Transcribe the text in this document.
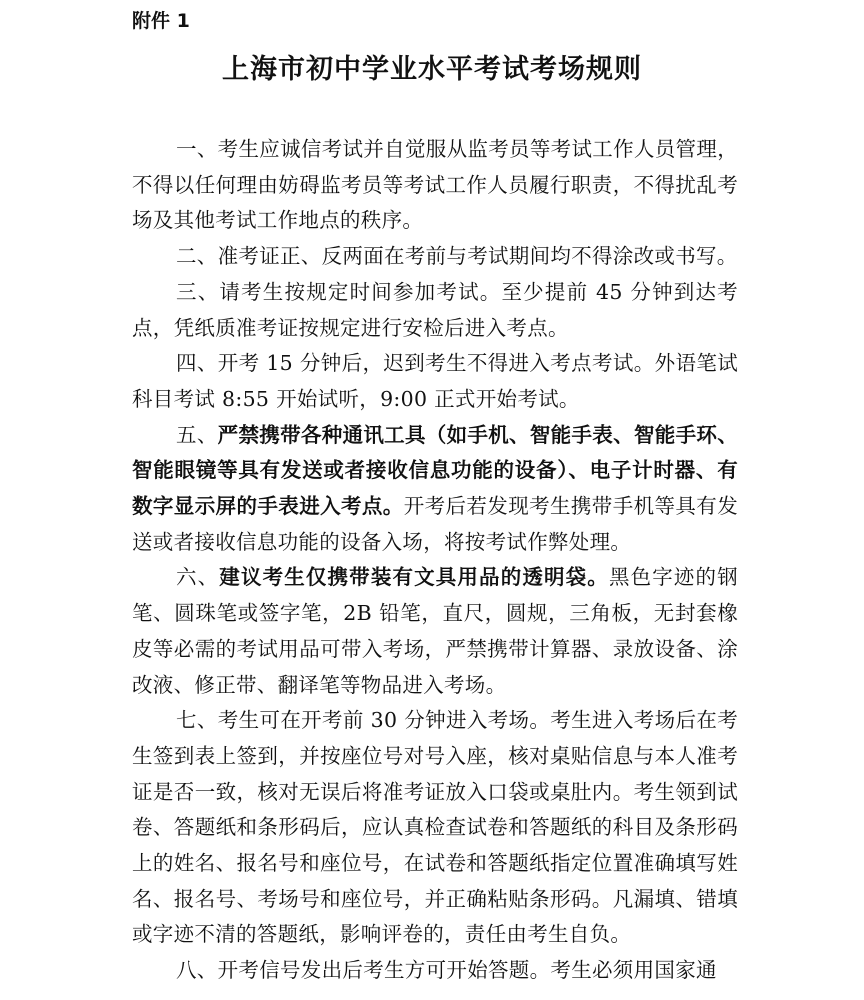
附件 1

上海市初中学业水平考试考场规则

一、考生应诚信考试并自觉服从监考员等考试工作人员管理，不得以任何理由妨碍监考员等考试工作人员履行职责，不得扰乱考场及其他考试工作地点的秩序。

二、准考证正、反两面在考前与考试期间均不得涂改或书写。

三、请考生按规定时间参加考试。至少提前 45 分钟到达考点，凭纸质准考证按规定进行安检后进入考点。

四、开考 15 分钟后，迟到考生不得进入考点考试。外语笔试科目考试 8:55 开始试听，9:00 正式开始考试。

五、严禁携带各种通讯工具（如手机、智能手表、智能手环、智能眼镜等具有发送或者接收信息功能的设备）、电子计时器、有数字显示屏的手表进入考点。开考后若发现考生携带手机等具有发送或者接收信息功能的设备入场，将按考试作弊处理。

六、建议考生仅携带装有文具用品的透明袋。黑色字迹的钢笔、圆珠笔或签字笔，2B 铅笔，直尺，圆规，三角板，无封套橡皮等必需的考试用品可带入考场，严禁携带计算器、录放设备、涂改液、修正带、翻译笔等物品进入考场。

七、考生可在开考前 30 分钟进入考场。考生进入考场后在考生签到表上签到，并按座位号对号入座，核对桌贴信息与本人准考证是否一致，核对无误后将准考证放入口袋或桌肚内。考生领到试卷、答题纸和条形码后，应认真检查试卷和答题纸的科目及条形码上的姓名、报名号和座位号，在试卷和答题纸指定位置准确填写姓名、报名号、考场号和座位号，并正确粘贴条形码。凡漏填、错填或字迹不清的答题纸，影响评卷的，责任由考生自负。

八、开考信号发出后考生方可开始答题。考生必须用国家通
